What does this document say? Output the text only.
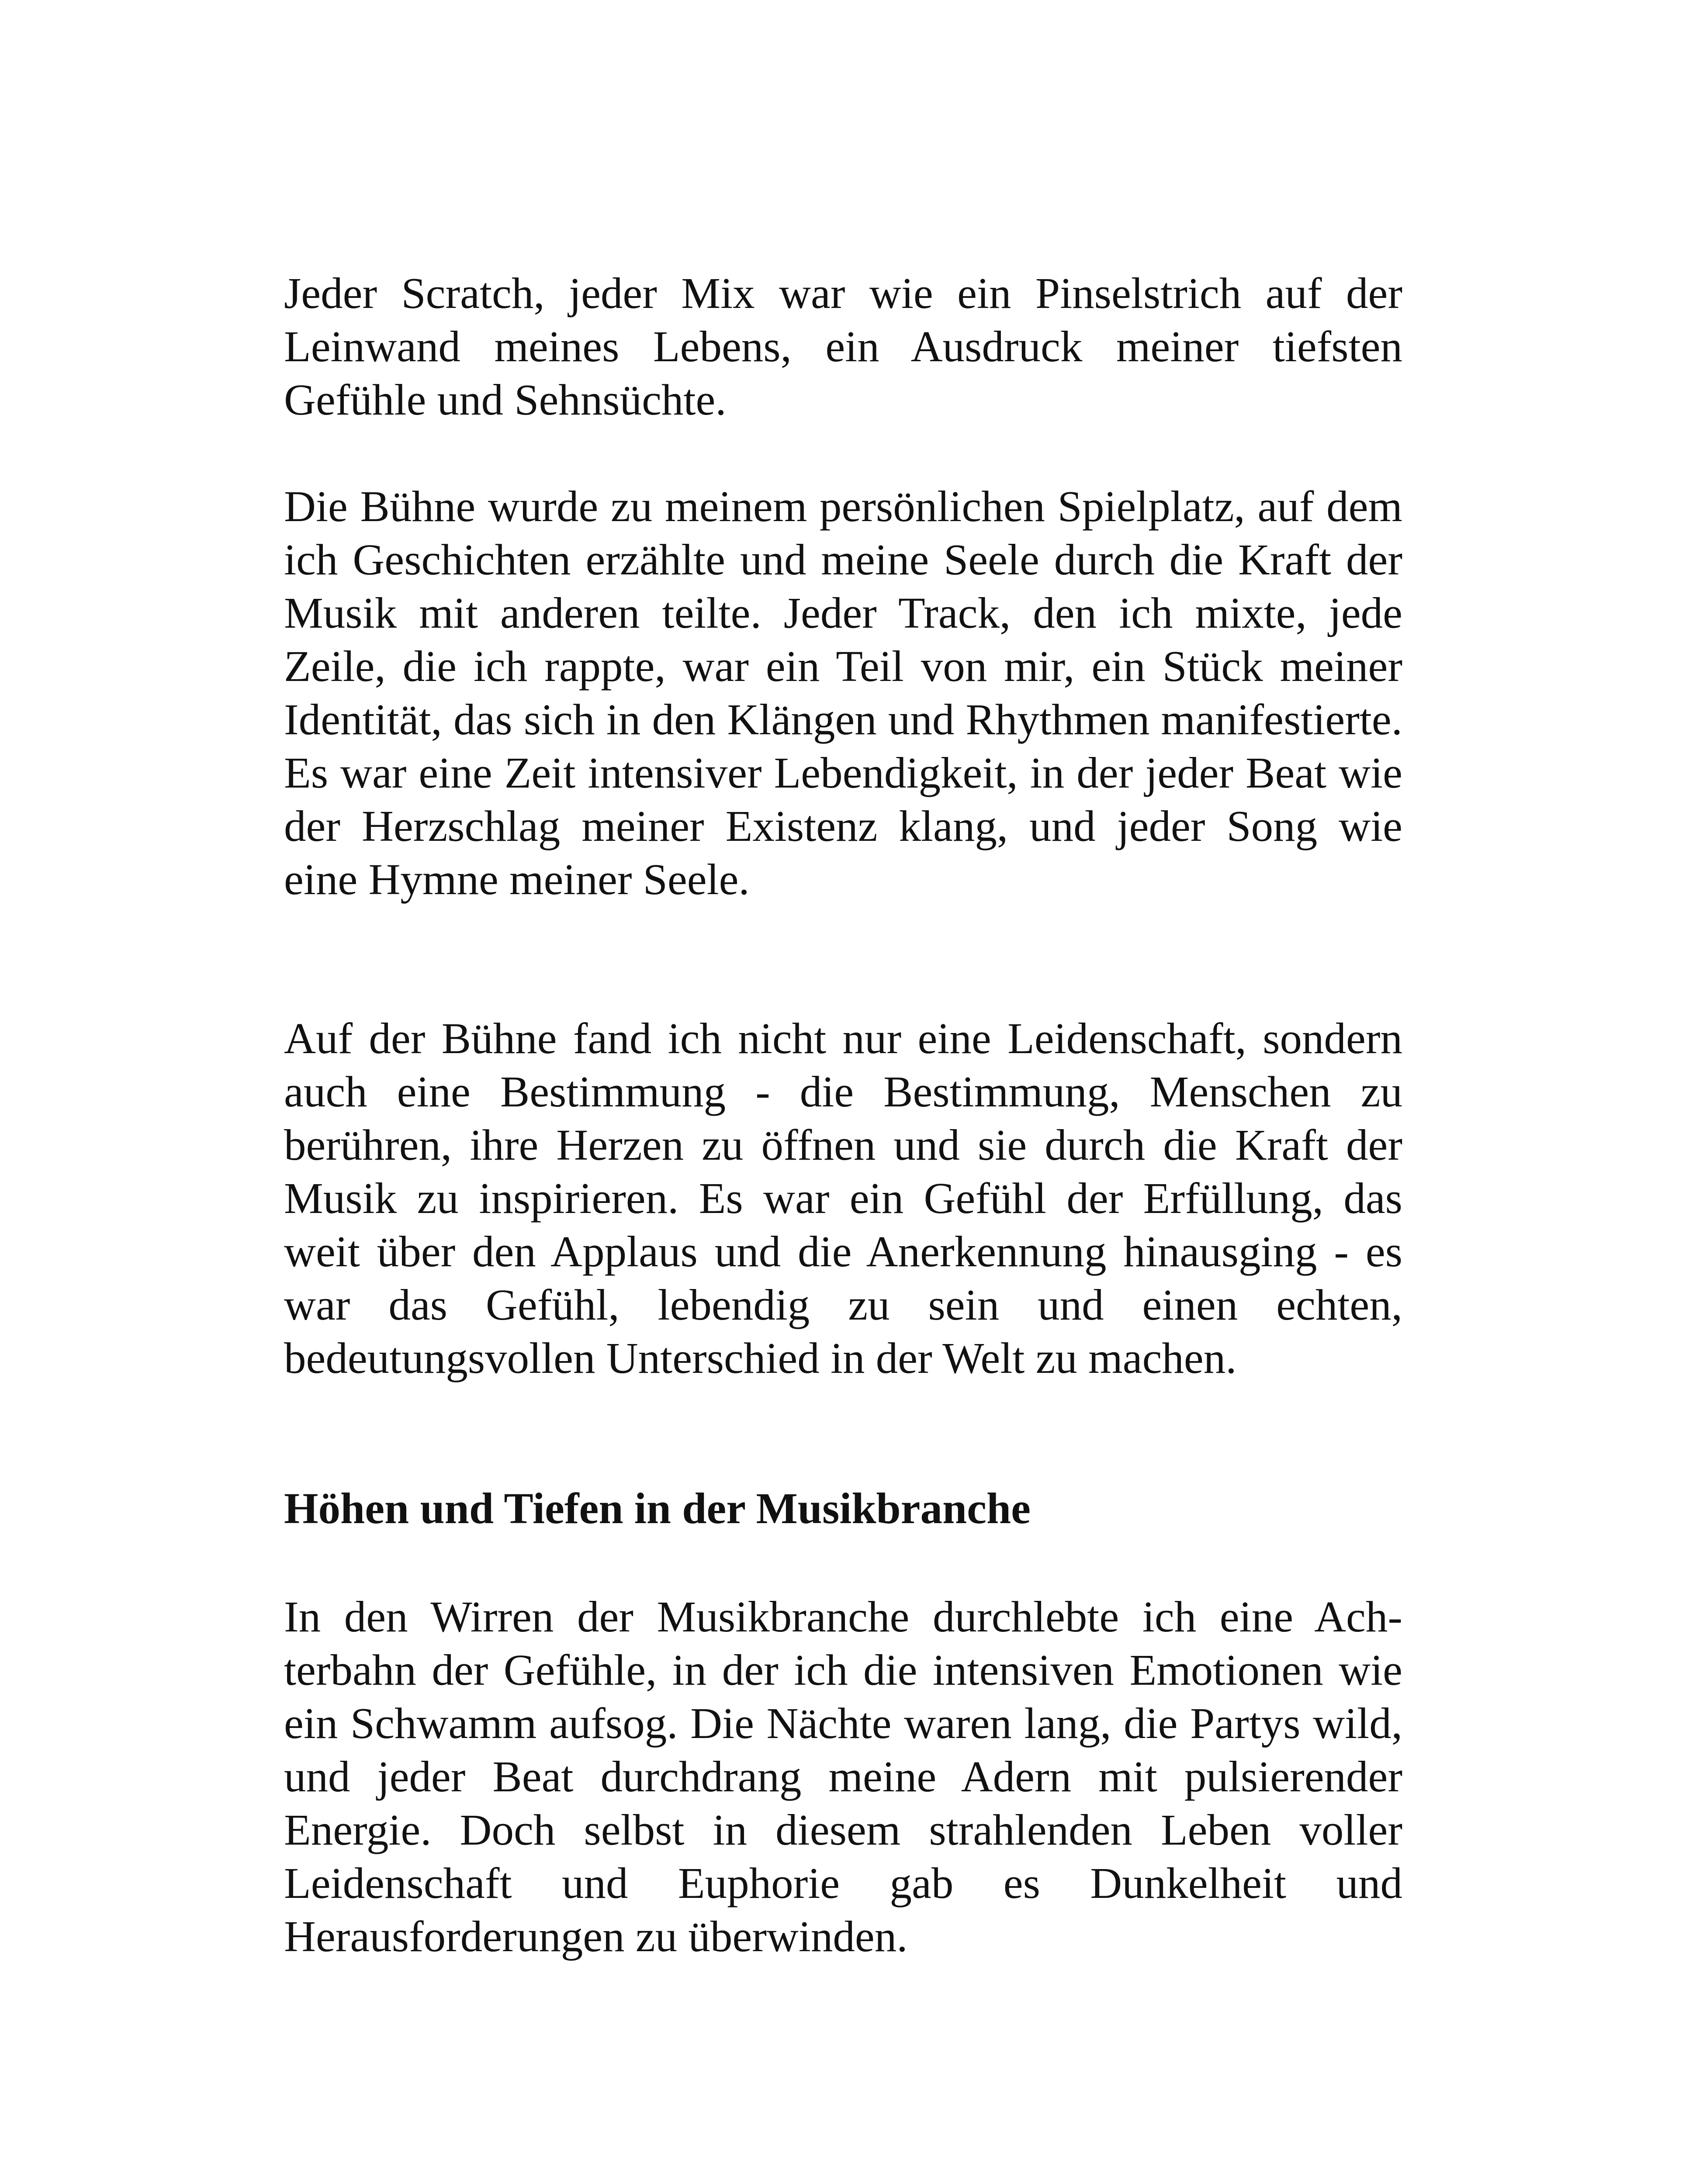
Jeder Scratch, jeder Mix war wie ein Pinselstrich auf der Leinwand meines Lebens, ein Ausdruck meiner tiefsten Gefühle und Sehnsüchte.

Die Bühne wurde zu meinem persönlichen Spielplatz, auf dem ich Geschichten erzählte und meine Seele durch die Kraft der Musik mit anderen teilte. Jeder Track, den ich mixte, jede Zeile, die ich rappte, war ein Teil von mir, ein Stück meiner Identität, das sich in den Klängen und Rhythmen manifestierte. Es war eine Zeit intensiver Lebendigkeit, in der jeder Beat wie der Herzschlag meiner Existenz klang, und jeder Song wie eine Hymne meiner Seele.

Auf der Bühne fand ich nicht nur eine Leidenschaft, sondern auch eine Bestimmung - die Bestimmung, Menschen zu berühren, ihre Herzen zu öffnen und sie durch die Kraft der Musik zu inspirieren. Es war ein Gefühl der Erfüllung, das weit über den Applaus und die Anerkennung hinausging - es war das Gefühl, lebendig zu sein und einen echten, bedeutungsvollen Unterschied in der Welt zu machen.

Höhen und Tiefen in der Musikbranche

In den Wirren der Musikbranche durchlebte ich eine Achterbahn der Gefühle, in der ich die intensiven Emotionen wie ein Schwamm aufsog. Die Nächte waren lang, die Partys wild, und jeder Beat durchdrang meine Adern mit pulsierender Energie. Doch selbst in diesem strahlenden Leben voller Leidenschaft und Euphorie gab es Dunkelheit und Herausforderungen zu überwinden.
